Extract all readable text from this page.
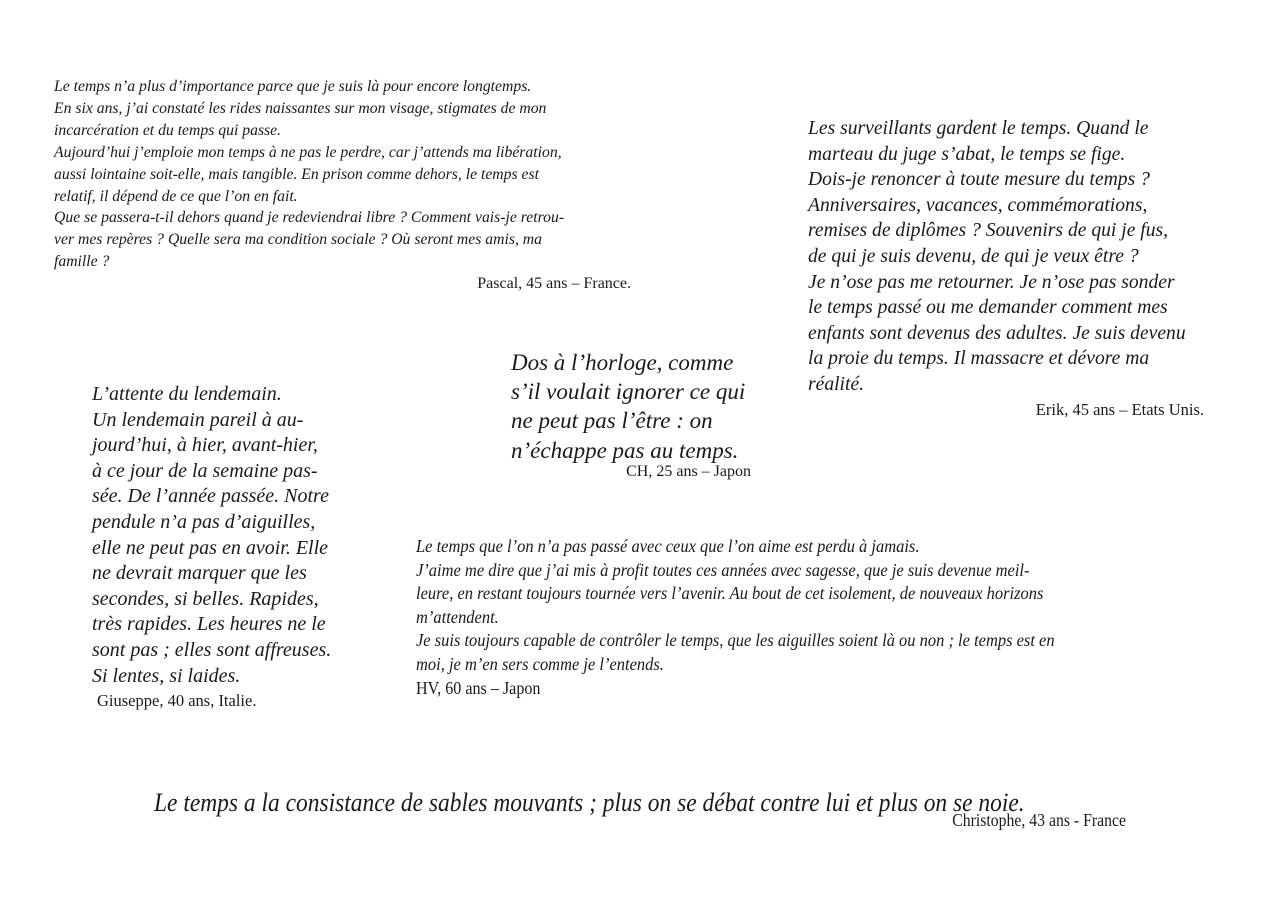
Le temps n’a plus d’importance parce que je suis là pour encore longtemps.
En six ans, j’ai constaté les rides naissantes sur mon visage, stigmates de mon
incarcération et du temps qui passe.
Aujourd’hui j’emploie mon temps à ne pas le perdre, car j’attends ma libération,
aussi lointaine soit-elle, mais tangible. En prison comme dehors, le temps est
relatif, il dépend de ce que l’on en fait.
Que se passera-t-il dehors quand je redeviendrai libre ? Comment vais-je retrou-
ver mes repères ? Quelle sera ma condition sociale ? Où seront mes amis, ma
famille ?
Pascal, 45 ans – France.
Les surveillants gardent le temps. Quand le
marteau du juge s’abat, le temps se fige.
Dois-je renoncer à toute mesure du temps ?
Anniversaires, vacances, commémorations,
remises de diplômes ? Souvenirs de qui je fus,
de qui je suis devenu, de qui je veux être ?
Je n’ose pas me retourner. Je n’ose pas sonder
le temps passé ou me demander comment mes
enfants sont devenus des adultes. Je suis devenu
la proie du temps. Il massacre et dévore ma
réalité.
Erik, 45 ans – Etats Unis.
Dos à l’horloge, comme
s’il voulait ignorer ce qui
ne peut pas l’être : on
n’échappe pas au temps.
CH, 25 ans – Japon
L’attente du lendemain.
Un lendemain pareil à au-
jourd’hui, à hier, avant-hier,
à ce jour de la semaine pas-
sée. De l’année passée. Notre
pendule n’a pas d’aiguilles,
elle ne peut pas en avoir. Elle
ne devrait marquer que les
secondes, si belles. Rapides,
très rapides. Les heures ne le
sont pas ; elles sont affreuses.
Si lentes, si laides.
Giuseppe, 40 ans, Italie.
Le temps que l’on n’a pas passé avec ceux que l’on aime est perdu à jamais.
J’aime me dire que j’ai mis à profit toutes ces années avec sagesse, que je suis devenue meil-
leure, en restant toujours tournée vers l’avenir. Au bout de cet isolement, de nouveaux horizons
m’attendent.
Je suis toujours capable de contrôler le temps, que les aiguilles soient là ou non ; le temps est en
moi, je m’en sers comme je l’entends.
HV, 60 ans – Japon
Le temps a la consistance de sables mouvants ; plus on se débat contre lui et plus on se noie.
Christophe, 43 ans - France
